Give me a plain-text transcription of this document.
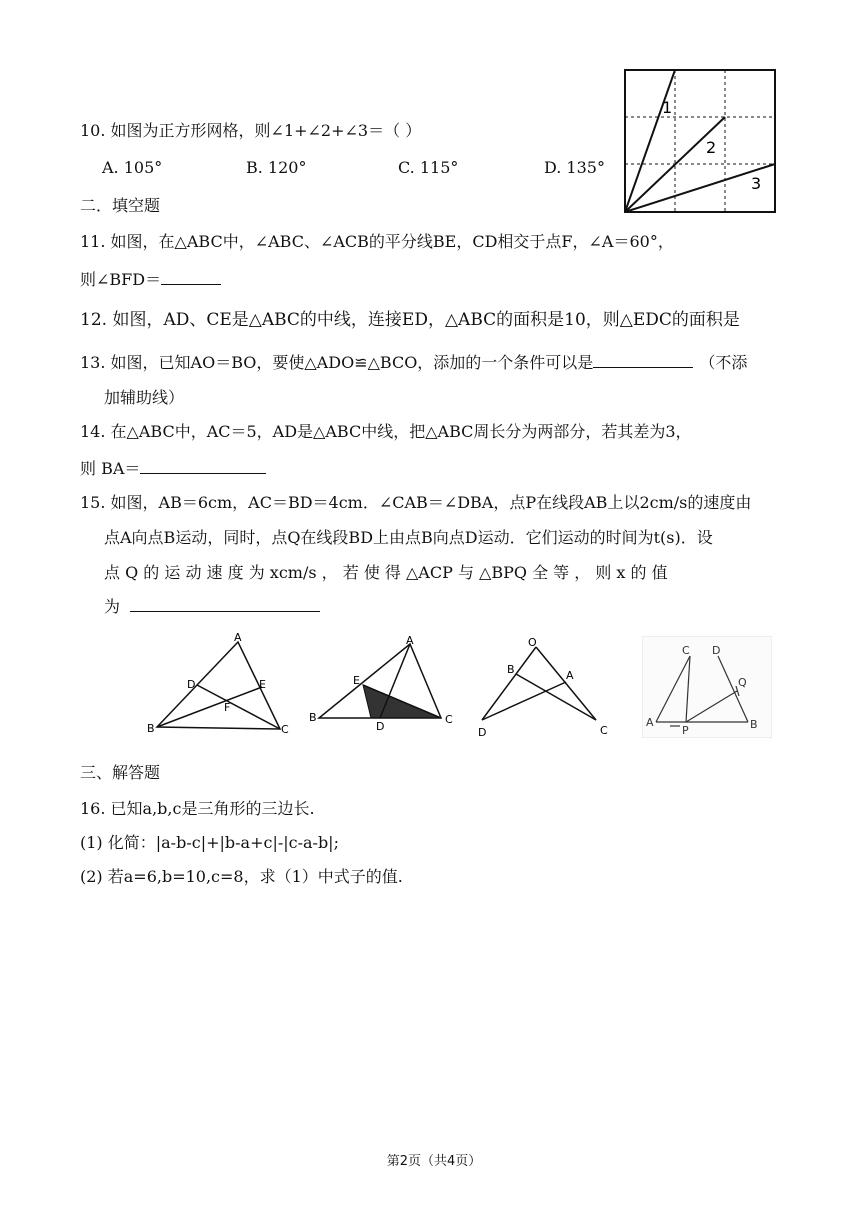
10. 如图为正方形网格，则∠1+∠2+∠3＝（ ）
A. 105°	B. 120°	C. 115°	D. 135°
1
2
3
二．填空题
11. 如图，在△ABC中，∠ABC、∠ACB的平分线BE，CD相交于点F，∠A＝60°，
则∠BFD＝
12. 如图，AD、CE是△ABC的中线，连接ED，△ABC的面积是10，则△EDC的面积是
13. 如图，已知AO＝BO，要使△ADO≌△BCO，添加的一个条件可以是	（不添
加辅助线）
14. 在△ABC中，AC＝5，AD是△ABC中线，把△ABC周长分为两部分，若其差为3，
则 BA＝
15. 如图，AB＝6cm，AC＝BD＝4cm．∠CAB＝∠DBA，点P在线段AB上以2cm/s的速度由
点A向点B运动，同时，点Q在线段BD上由点B向点D运动．它们运动的时间为t(s)．设
点 Q 的 运 动 速 度 为 xcm/s ， 若 使 得 △ACP 与 △BPQ 全 等 ， 则 x 的 值
为
A
D	E
F
B	C
A
E
B
D
C
O
B	A
D	C
C D
Q
A
P	B
三、解答题
16. 已知a,b,c是三角形的三边长.
(1) 化简：|a-b-c|+|b-a+c|-|c-a-b|;
(2) 若a=6,b=10,c=8，求（1）中式子的值.
第2页（共4页）
